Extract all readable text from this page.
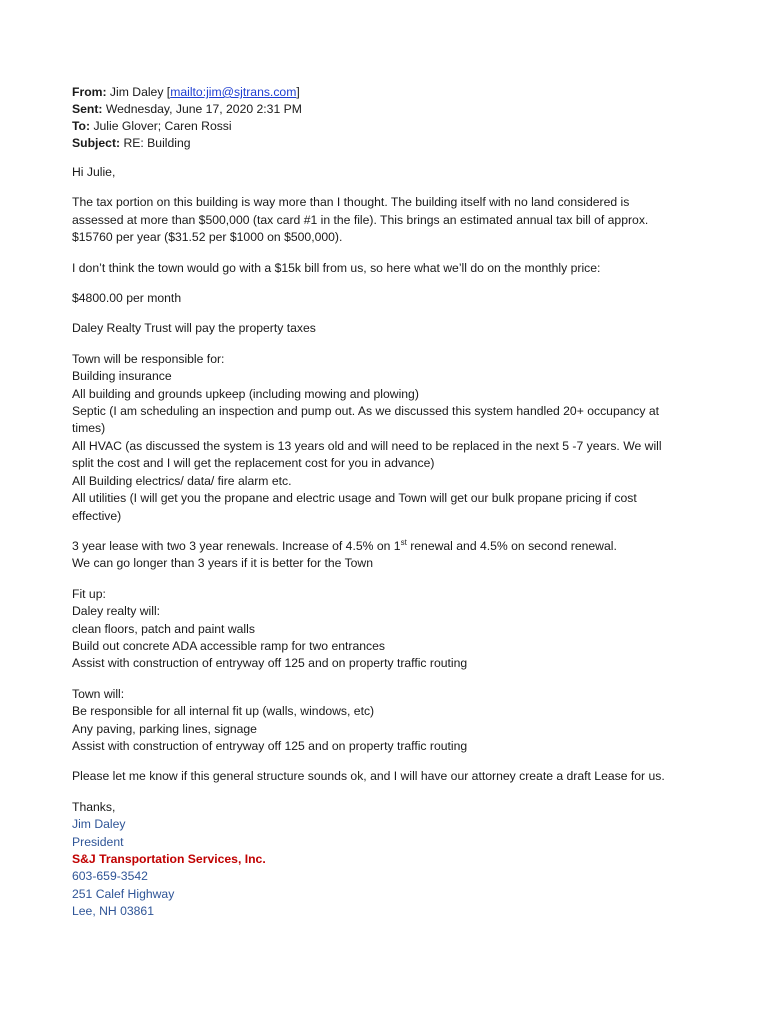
From: Jim Daley [mailto:jim@sjtrans.com]
Sent: Wednesday, June 17, 2020 2:31 PM
To: Julie Glover; Caren Rossi
Subject: RE: Building

Hi Julie,

The tax portion on this building is way more than I thought. The building itself with no land considered is

assessed at more than $500,000 (tax card #1 in the file). This brings an estimated annual tax bill of approx.

$15760 per year ($31.52 per $1000 on $500,000).

I don’t think the town would go with a $15k bill from us, so here what we’ll do on the monthly price:

$4800.00 per month

Daley Realty Trust will pay the property taxes

Town will be responsible for:

Building insurance

All building and grounds upkeep (including mowing and plowing)

Septic (I am scheduling an inspection and pump out. As we discussed this system handled 20+ occupancy at

times)

All HVAC (as discussed the system is 13 years old and will need to be replaced in the next 5 -7 years. We will

split the cost and I will get the replacement cost for you in advance)

All Building electrics/ data/ fire alarm etc.

All utilities (I will get you the propane and electric usage and Town will get our bulk propane pricing if cost

effective)

3 year lease with two 3 year renewals. Increase of 4.5% on 1st renewal and 4.5% on second renewal.

We can go longer than 3 years if it is better for the Town

Fit up:

Daley realty will:

clean floors, patch and paint walls

Build out concrete ADA accessible ramp for two entrances

Assist with construction of entryway off 125 and on property traffic routing

Town will:

Be responsible for all internal fit up (walls, windows, etc)

Any paving, parking lines, signage

Assist with construction of entryway off 125 and on property traffic routing

Please let me know if this general structure sounds ok, and I will have our attorney create a draft Lease for us.

Thanks,

Jim Daley

President

S&J Transportation Services, Inc.

603-659-3542

251 Calef Highway

Lee, NH 03861
